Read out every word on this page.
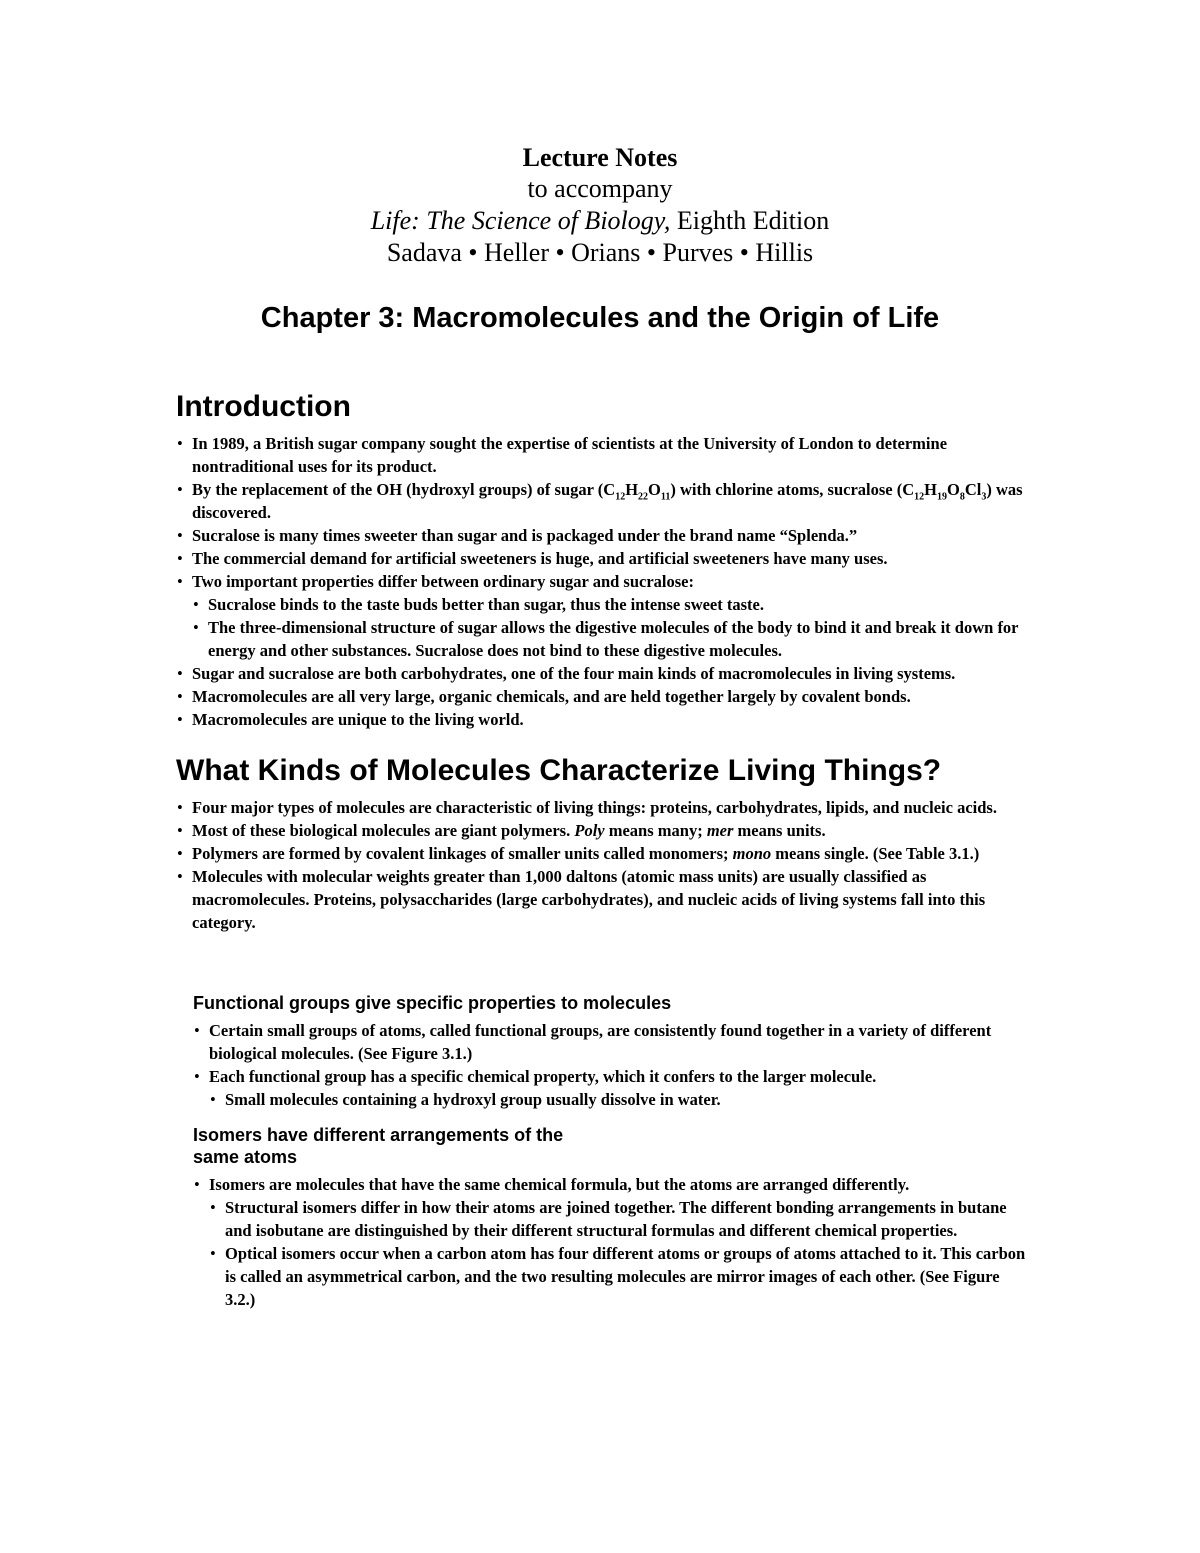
Lecture Notes
to accompany
Life: The Science of Biology, Eighth Edition
Sadava • Heller • Orians • Purves • Hillis
Chapter 3: Macromolecules and the Origin of Life
Introduction
• In 1989, a British sugar company sought the expertise of scientists at the University of London to determine nontraditional uses for its product.
• By the replacement of the OH (hydroxyl groups) of sugar $(C_{12}H_{22}O_{11})$ with chlorine atoms, sucralose $(C_{12}H_{19}O_8Cl_3)$ was discovered.
• Sucralose is many times sweeter than sugar and is packaged under the brand name “Splenda.”
• The commercial demand for artificial sweeteners is huge, and artificial sweeteners have many uses.
• Two important properties differ between ordinary sugar and sucralose:
• Sucralose binds to the taste buds better than sugar, thus the intense sweet taste.
• The three-dimensional structure of sugar allows the digestive molecules of the body to bind it and break it down for energy and other substances. Sucralose does not bind to these digestive molecules.
• Sugar and sucralose are both carbohydrates, one of the four main kinds of macromolecules in living systems.
• Macromolecules are all very large, organic chemicals, and are held together largely by covalent bonds.
• Macromolecules are unique to the living world.
What Kinds of Molecules Characterize Living Things?
• Four major types of molecules are characteristic of living things: proteins, carbohydrates, lipids, and nucleic acids.
• Most of these biological molecules are giant polymers. Poly means many; mer means units.
• Polymers are formed by covalent linkages of smaller units called monomers; mono means single. (See Table 3.1.)
• Molecules with molecular weights greater than 1,000 daltons (atomic mass units) are usually classified as macromolecules. Proteins, polysaccharides (large carbohydrates), and nucleic acids of living systems fall into this category.
Functional groups give specific properties to molecules
• Certain small groups of atoms, called functional groups, are consistently found together in a variety of different biological molecules. (See Figure 3.1.)
• Each functional group has a specific chemical property, which it confers to the larger molecule.
• Small molecules containing a hydroxyl group usually dissolve in water.
Isomers have different arrangements of the
same atoms
• Isomers are molecules that have the same chemical formula, but the atoms are arranged differently.
• Structural isomers differ in how their atoms are joined together. The different bonding arrangements in butane and isobutane are distinguished by their different structural formulas and different chemical properties.
• Optical isomers occur when a carbon atom has four different atoms or groups of atoms attached to it. This carbon is called an asymmetrical carbon, and the two resulting molecules are mirror images of each other. (See Figure 3.2.)
